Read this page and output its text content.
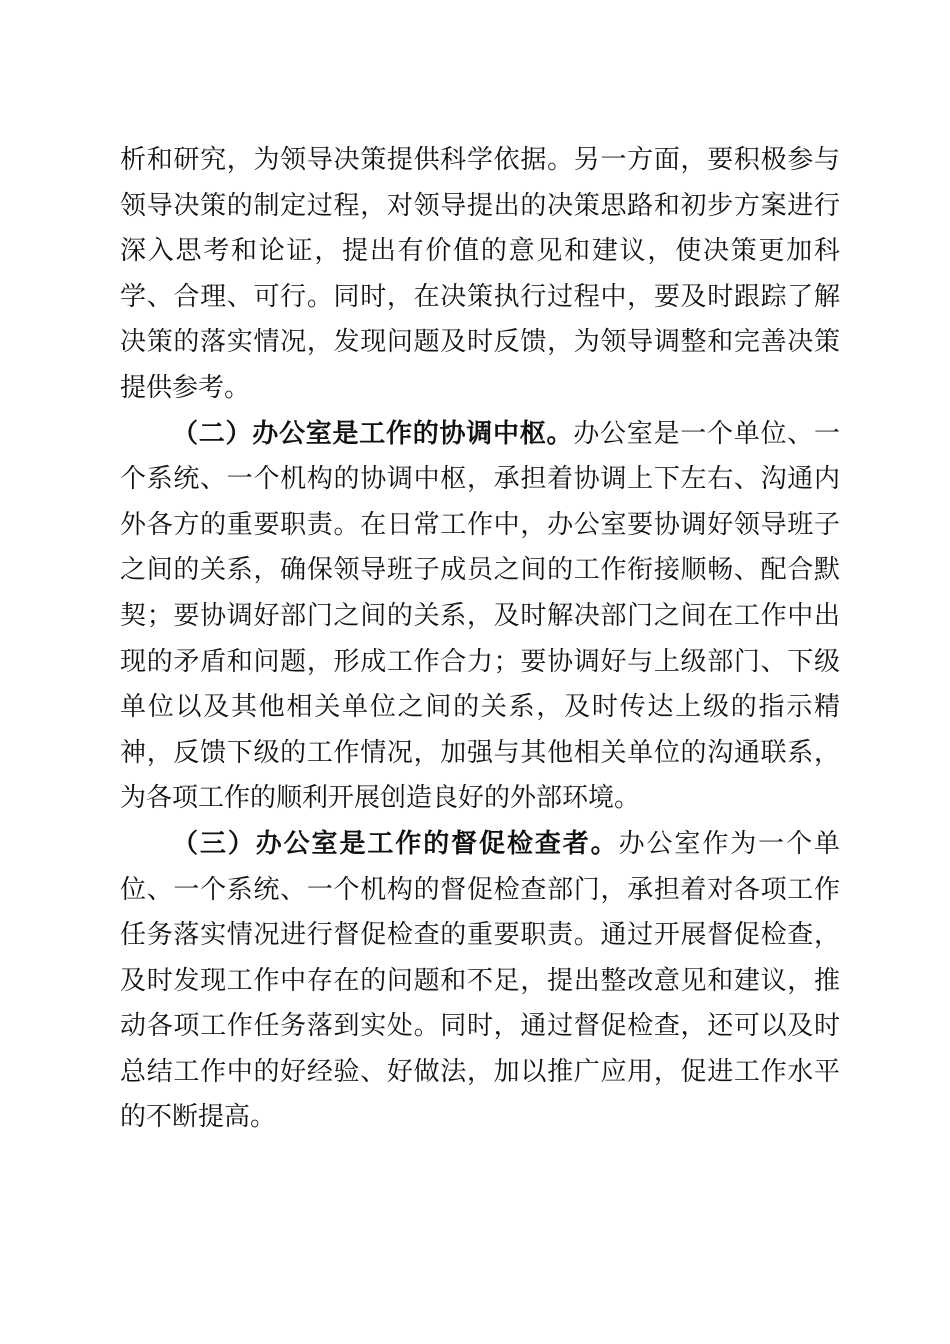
析和研究，为领导决策提供科学依据。另一方面，要积极参与领导决策的制定过程，对领导提出的决策思路和初步方案进行深入思考和论证，提出有价值的意见和建议，使决策更加科学、合理、可行。同时，在决策执行过程中，要及时跟踪了解决策的落实情况，发现问题及时反馈，为领导调整和完善决策提供参考。

（二）办公室是工作的协调中枢。办公室是一个单位、一个系统、一个机构的协调中枢，承担着协调上下左右、沟通内外各方的重要职责。在日常工作中，办公室要协调好领导班子之间的关系，确保领导班子成员之间的工作衔接顺畅、配合默契；要协调好部门之间的关系，及时解决部门之间在工作中出现的矛盾和问题，形成工作合力；要协调好与上级部门、下级单位以及其他相关单位之间的关系，及时传达上级的指示精神，反馈下级的工作情况，加强与其他相关单位的沟通联系，为各项工作的顺利开展创造良好的外部环境。

（三）办公室是工作的督促检查者。办公室作为一个单位、一个系统、一个机构的督促检查部门，承担着对各项工作任务落实情况进行督促检查的重要职责。通过开展督促检查，及时发现工作中存在的问题和不足，提出整改意见和建议，推动各项工作任务落到实处。同时，通过督促检查，还可以及时总结工作中的好经验、好做法，加以推广应用，促进工作水平的不断提高。
